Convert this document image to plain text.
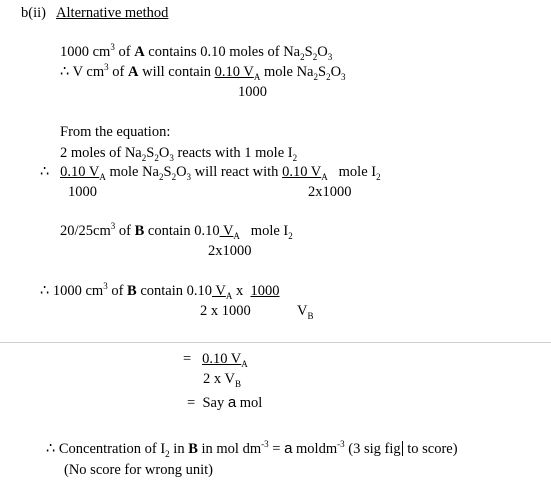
b(ii) Alternative method
1000 $cm^3$ of A contains 0.10 moles of $Na_2S_2O_3$
∴ V $cm^3$ of A will contain 0.10 $V_A$ mole $Na_2S_2O_3$
1000
From the equation:
2 moles of $Na_2S_2O_3$ reacts with 1 mole $I_2$
∴ 0.10 $V_A$ mole $Na_2S_2O_3$ will react with 0.10 $V_A$ mole $I_2$
1000	2x1000
$20/25cm^3$ of B contain 0.10 $V_A$ mole $I_2$
2x1000
∴ 1000 $cm^3$ of B contain 0.10 $V_A$ x  1000
2 x 1000	$V_B$
= 0.10 $V_A$
2 x $V_B$
= Say a mol
∴ Concentration of $I_2$ in B in mol $dm^{-3} = a$ moldm$^{-3}$ (3 sig fig to score)
(No score for wrong unit)
